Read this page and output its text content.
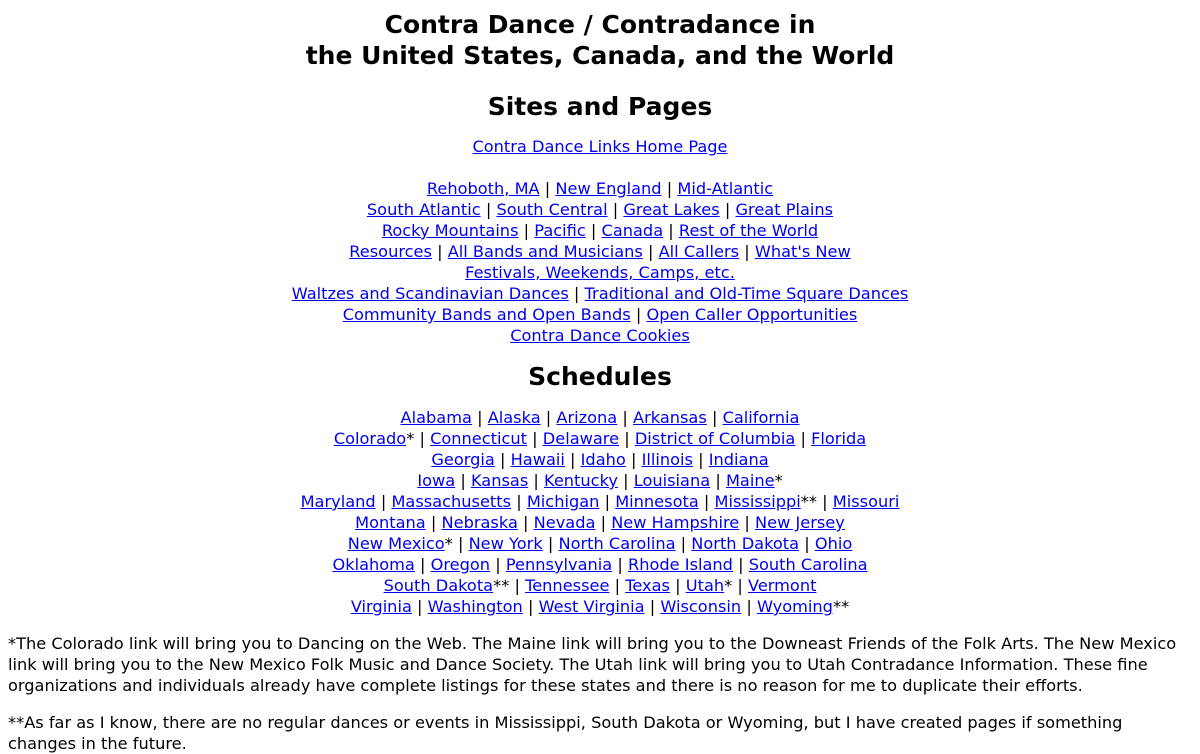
Contra Dance / Contradance in
the United States, Canada, and the World
Sites and Pages
Contra Dance Links Home Page
Rehoboth, MA | New England | Mid-Atlantic
South Atlantic | South Central | Great Lakes | Great Plains
Rocky Mountains | Pacific | Canada | Rest of the World
Resources | All Bands and Musicians | All Callers | What's New
Festivals, Weekends, Camps, etc.
Waltzes and Scandinavian Dances | Traditional and Old-Time Square Dances
Community Bands and Open Bands | Open Caller Opportunities
Contra Dance Cookies
Schedules
Alabama | Alaska | Arizona | Arkansas | California
Colorado* | Connecticut | Delaware | District of Columbia | Florida
Georgia | Hawaii | Idaho | Illinois | Indiana
Iowa | Kansas | Kentucky | Louisiana | Maine*
Maryland | Massachusetts | Michigan | Minnesota | Mississippi** | Missouri
Montana | Nebraska | Nevada | New Hampshire | New Jersey
New Mexico* | New York | North Carolina | North Dakota | Ohio
Oklahoma | Oregon | Pennsylvania | Rhode Island | South Carolina
South Dakota** | Tennessee | Texas | Utah* | Vermont
Virginia | Washington | West Virginia | Wisconsin | Wyoming**

*The Colorado link will bring you to Dancing on the Web. The Maine link will bring you to the Downeast Friends of the Folk Arts. The New Mexico link will bring you to the New Mexico Folk Music and Dance Society. The Utah link will bring you to Utah Contradance Information. These fine organizations and individuals already have complete listings for these states and there is no reason for me to duplicate their efforts.

**As far as I know, there are no regular dances or events in Mississippi, South Dakota or Wyoming, but I have created pages if something changes in the future.
